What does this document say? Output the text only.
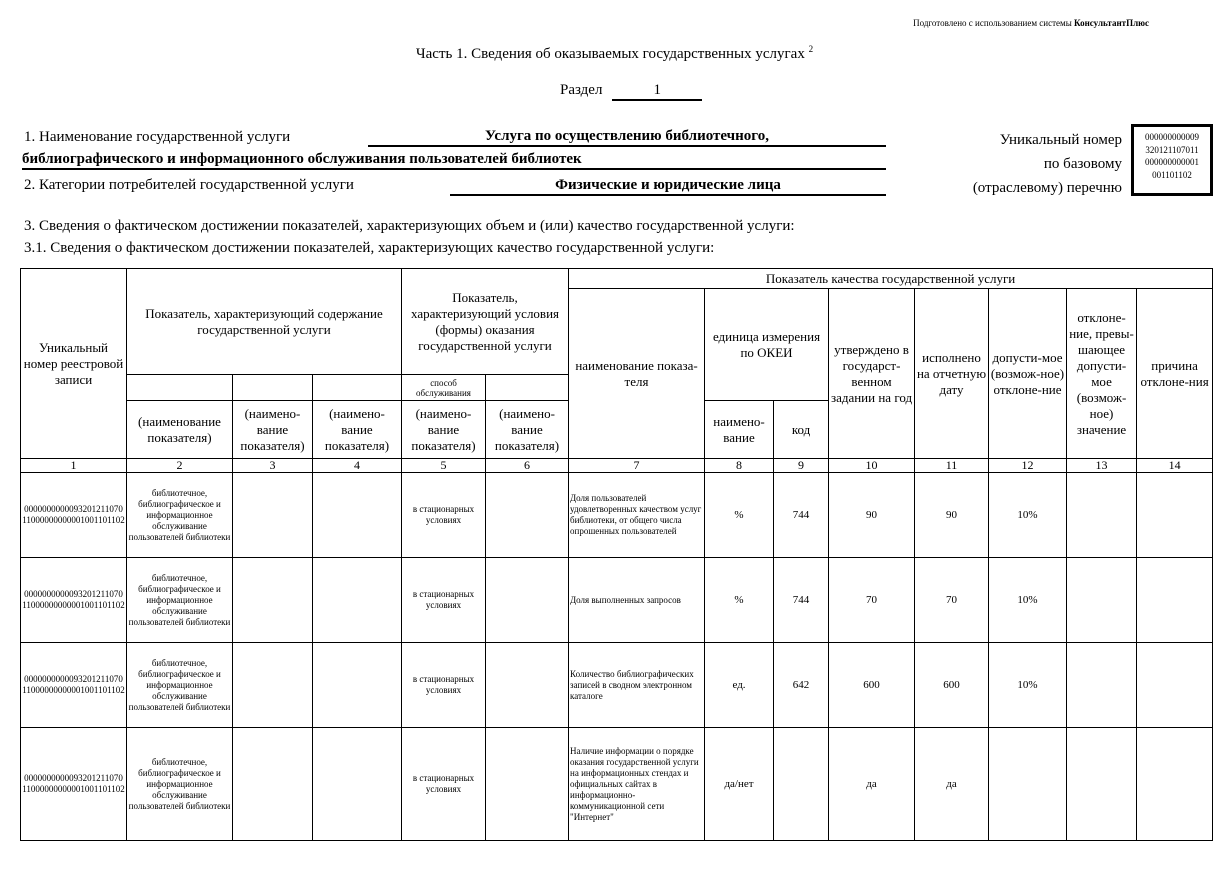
Подготовлено с использованием системы КонсультантПлюс
Часть 1. Сведения об оказываемых государственных услугах $^2$
Раздел	1
1. Наименование государственной услуги	Услуга по осуществлению библиотечного,
библиографического и информационного обслуживания пользователей библиотек
2. Категории потребителей государственной услуги	Физические и юридические лица
Уникальный номер
по базовому
(отраслевому) перечню
000000000009
320121107011
000000000001
001101102
3. Сведения о фактическом достижении показателей, характеризующих объем и (или) качество государственной услуги:
3.1. Сведения о фактическом достижении показателей, характеризующих качество государственной услуги:
Уникальный номер реестровой записи	Показатель, характеризующий содержание государственной услуги			Показатель, характеризующий условия (формы) оказания государственной услуги		Показатель качества государственной услуги							
						наименование показа-теля	единица измерения по ОКЕИ		утверждено в государст-венном задании на год	исполнено на отчетную дату	допусти-мое (возмож-ное) отклоне-ние	отклоне-ние, превы-шающее допусти-мое (возмож-ное) значение	причина отклоне-ния
				способ обслуживания									
	(наименование показателя)	(наимено-вание показателя)	(наимено-вание показателя)	(наимено-вание показателя)	(наимено-вание показателя)		наимено-вание	код					
1	2	3	4	5	6	7	8	9	10	11	12	13	14
000000000009320121107011000000000001001101102	библиотечное, библиографическое и информационное обслуживание пользователей библиотеки			в стационарных условиях		Доля пользователей удовлетворенных качеством услуг библиотеки, от общего числа опрошенных пользователей	%	744	90	90	10%		
000000000009320121107011000000000001001101102	библиотечное, библиографическое и информационное обслуживание пользователей библиотеки			в стационарных условиях		Доля выполненных запросов	%	744	70	70	10%		
000000000009320121107011000000000001001101102	библиотечное, библиографическое и информационное обслуживание пользователей библиотеки			в стационарных условиях		Количество библиографических записей в сводном электронном каталоге	ед.	642	600	600	10%		
000000000009320121107011000000000001001101102	библиотечное, библиографическое и информационное обслуживание пользователей библиотеки			в стационарных условиях		Наличие информации о порядке оказания государственной услуги на информационных стендах и официальных сайтах в информационно-коммуникационной сети "Интернет"	да/нет		да	да			
